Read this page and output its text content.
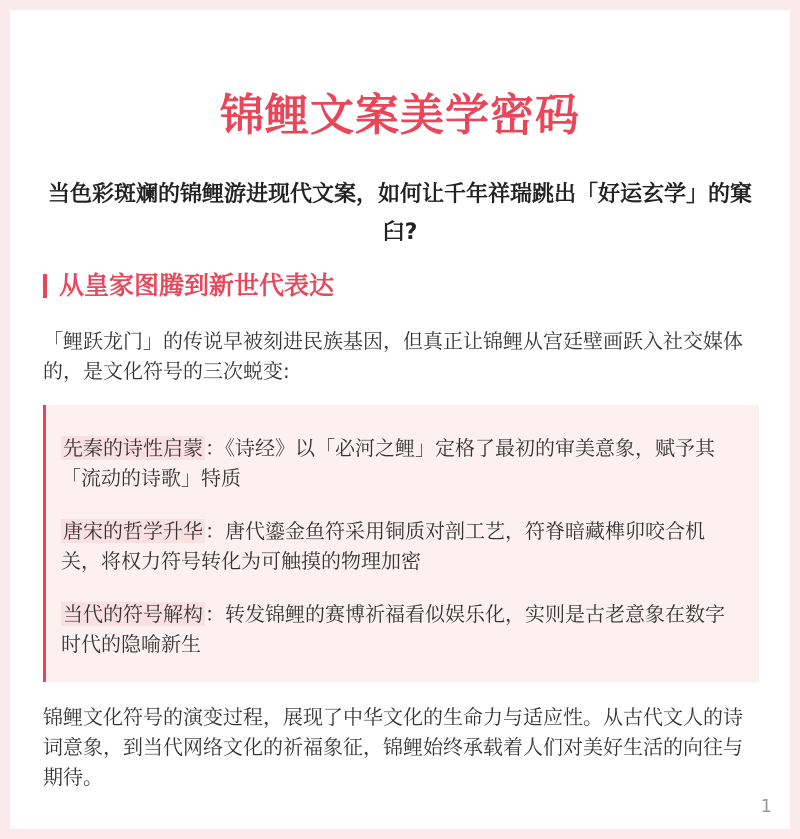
锦鲤文案美学密码
当色彩斑斓的锦鲤游进现代文案，如何让千年祥瑞跳出「好运玄学」的窠臼?
从皇家图腾到新世代表达
「鲤跃龙门」的传说早被刻进民族基因，但真正让锦鲤从宫廷壁画跃入社交媒体的，是文化符号的三次蜕变:
先秦的诗性启蒙 ：《诗经》以「必河之鲤」定格了最初的审美意象，赋予其「流动的诗歌」特质
唐宋的哲学升华 ：唐代鎏金鱼符采用铜质对剖工艺，符脊暗藏榫卯咬合机关，将权力符号转化为可触摸的物理加密
当代的符号解构 ：转发锦鲤的赛博祈福看似娱乐化，实则是古老意象在数字时代的隐喻新生
锦鲤文化符号的演变过程，展现了中华文化的生命力与适应性。从古代文人的诗词意象，到当代网络文化的祈福象征，锦鲤始终承载着人们对美好生活的向往与期待。
1
